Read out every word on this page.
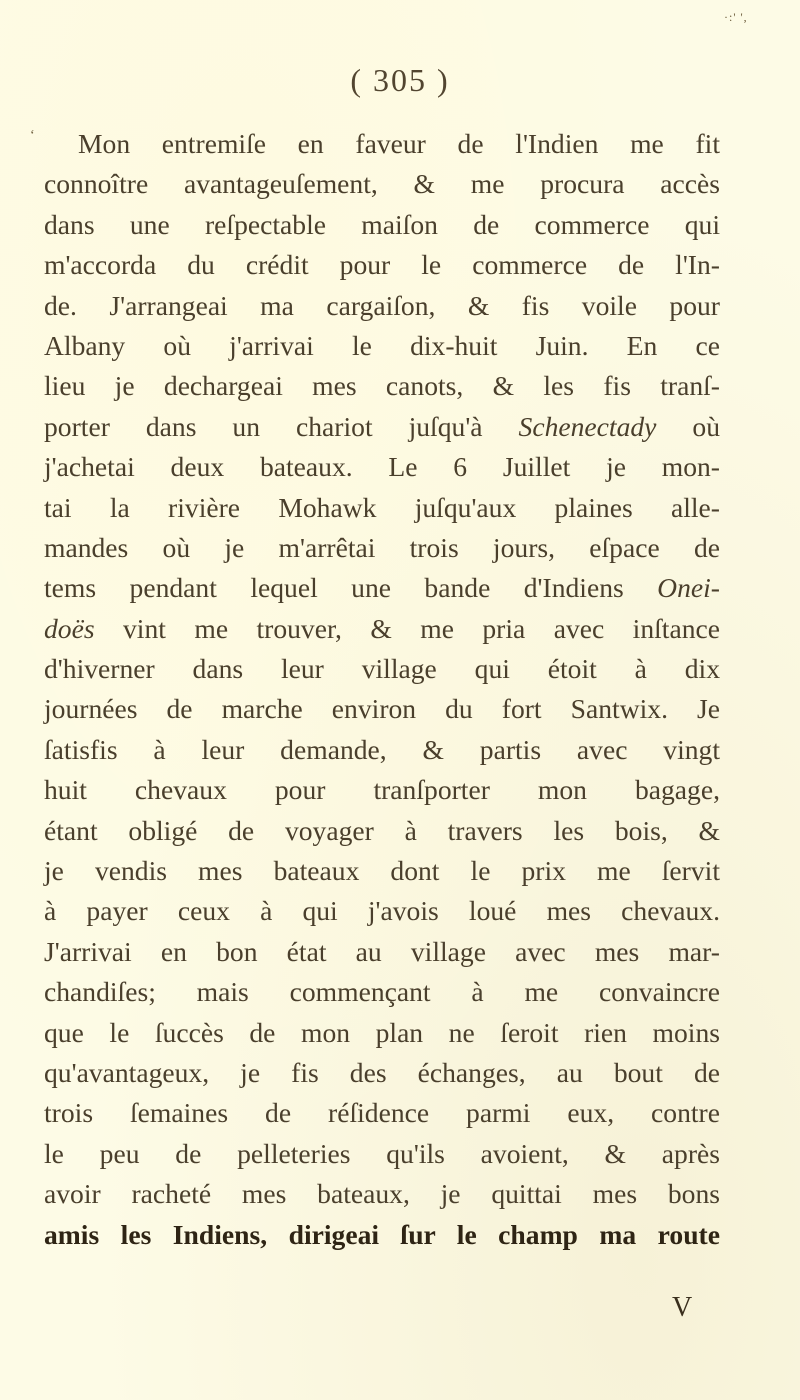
·:' ',
( 305 )
ʻ	Mon entremiſe en faveur de l'Indien me fit
connoître avantageuſement, & me procura accès
dans une reſpectable maiſon de commerce qui
m'accorda du crédit pour le commerce de l'In-
de. J'arrangeai ma cargaiſon, & fis voile pour
Albany où j'arrivai le dix-huit Juin. En ce
lieu je dechargeai mes canots, & les fis tranſ-
porter dans un chariot juſqu'à Schenectady où
j'achetai deux bateaux. Le 6 Juillet je mon-
tai la rivière Mohawk juſqu'aux plaines alle-
mandes où je m'arrêtai trois jours, eſpace de
tems pendant lequel une bande d'Indiens Onei-
doës vint me trouver, & me pria avec inſtance
d'hiverner dans leur village qui étoit à dix
journées de marche environ du fort Santwix. Je
ſatisfis à leur demande, & partis avec vingt
huit chevaux pour tranſporter mon bagage,
étant obligé de voyager à travers les bois, &
je vendis mes bateaux dont le prix me ſervit
à payer ceux à qui j'avois loué mes chevaux.
J'arrivai en bon état au village avec mes mar-
chandiſes; mais commençant à me convaincre
que le ſuccès de mon plan ne ſeroit rien moins
qu'avantageux, je fis des échanges, au bout de
trois ſemaines de réſidence parmi eux, contre
le peu de pelleteries qu'ils avoient, & après
avoir racheté mes bateaux, je quittai mes bons
amis les Indiens, dirigeai ſur le champ ma route
V
